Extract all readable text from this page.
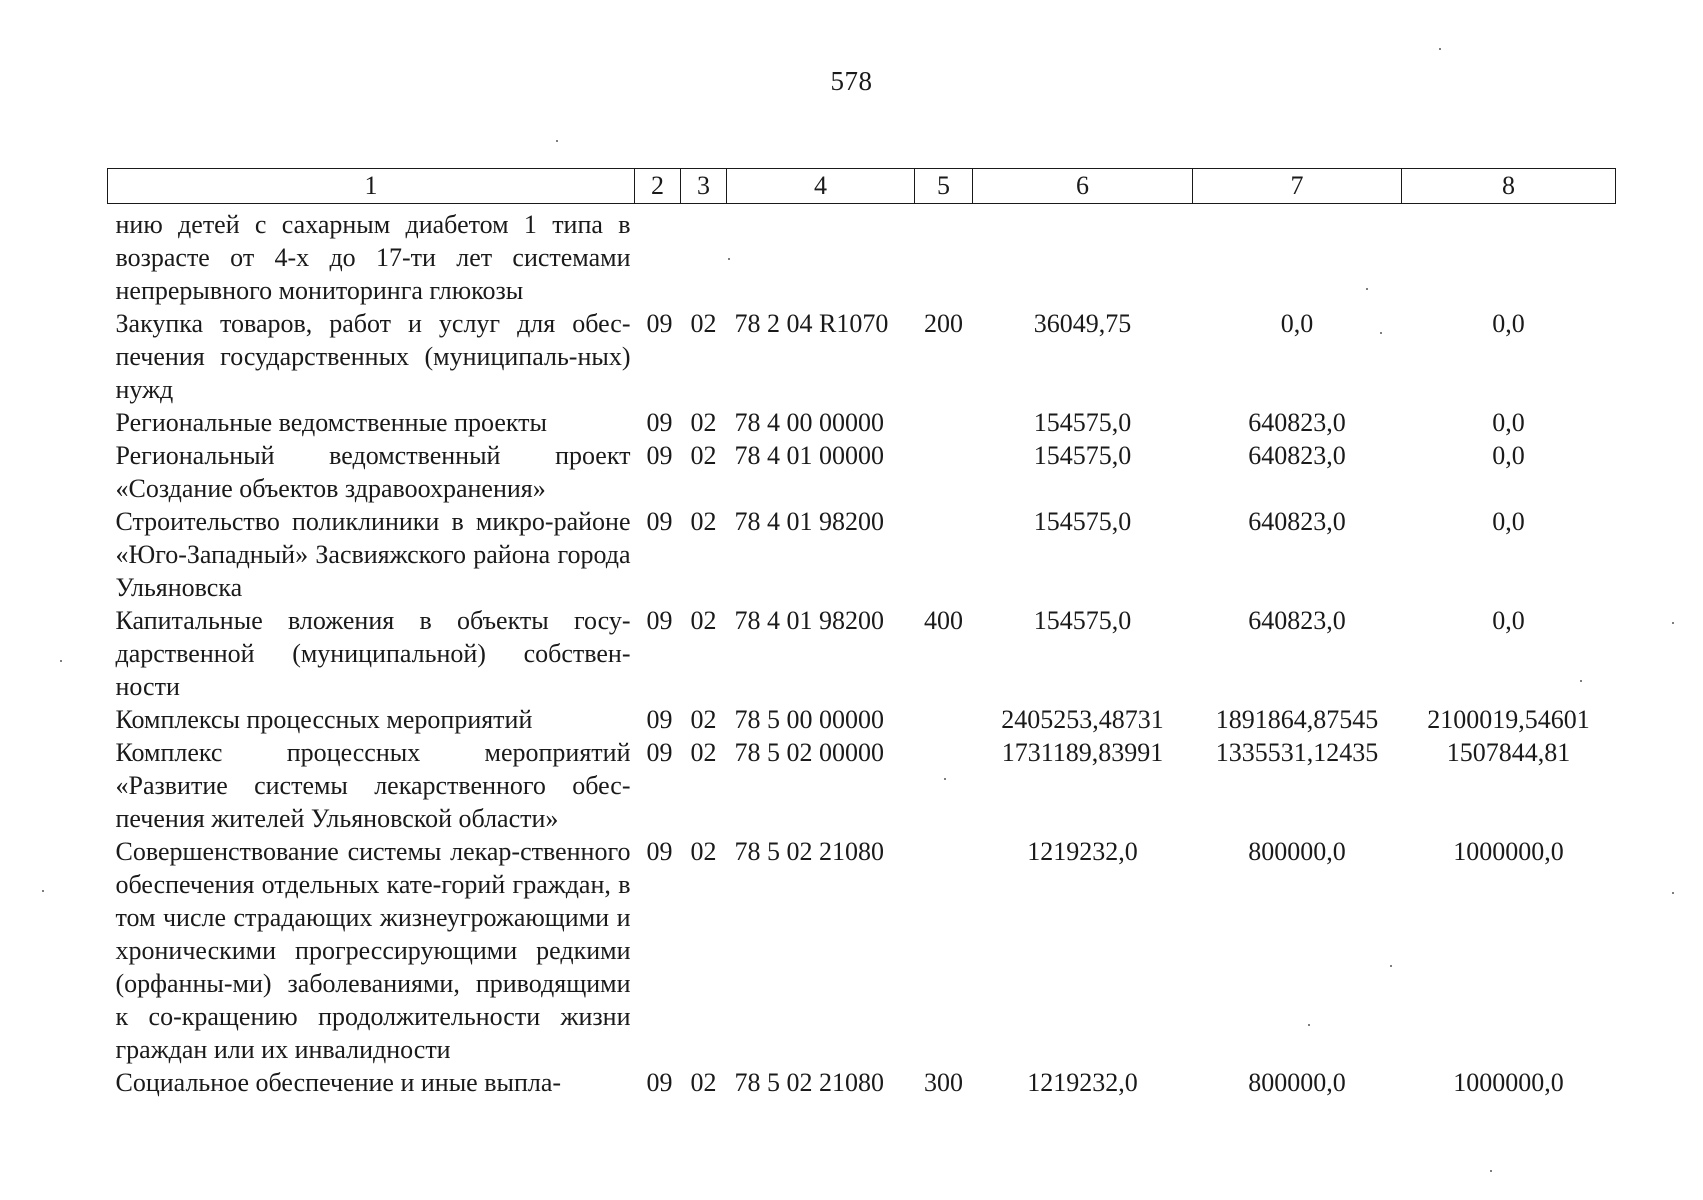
578
1	2	3	4	5	6	7	8
нию детей с сахарным диабетом 1 типа в возрасте от 4-х до 17-ти лет системами непрерывного мониторинга глюкозы							
Закупка товаров, работ и услуг для обес-печения государственных (муниципаль-ных) нужд	09	02	78 2 04 R1070	200	36049,75	0,0	0,0
Региональные ведомственные проекты	09	02	78 4 00 00000		154575,0	640823,0	0,0
Региональный ведомственный проект «Создание объектов здравоохранения»	09	02	78 4 01 00000		154575,0	640823,0	0,0
Строительство поликлиники в микро-районе «Юго-Западный» Засвияжского района города Ульяновска	09	02	78 4 01 98200		154575,0	640823,0	0,0
Капитальные вложения в объекты госу-дарственной (муниципальной) собствен-ности	09	02	78 4 01 98200	400	154575,0	640823,0	0,0
Комплексы процессных мероприятий	09	02	78 5 00 00000		2405253,48731	1891864,87545	2100019,54601
Комплекс процессных мероприятий «Развитие системы лекарственного обес-печения жителей Ульяновской области»	09	02	78 5 02 00000		1731189,83991	1335531,12435	1507844,81
Совершенствование системы лекар-ственного обеспечения отдельных кате-горий граждан, в том числе страдающих жизнеугрожающими и хроническими прогрессирующими редкими (орфанны-ми) заболеваниями, приводящими к со-кращению продолжительности жизни граждан или их инвалидности	09	02	78 5 02 21080		1219232,0	800000,0	1000000,0
Социальное обеспечение и иные выпла-	09	02	78 5 02 21080	300	1219232,0	800000,0	1000000,0
